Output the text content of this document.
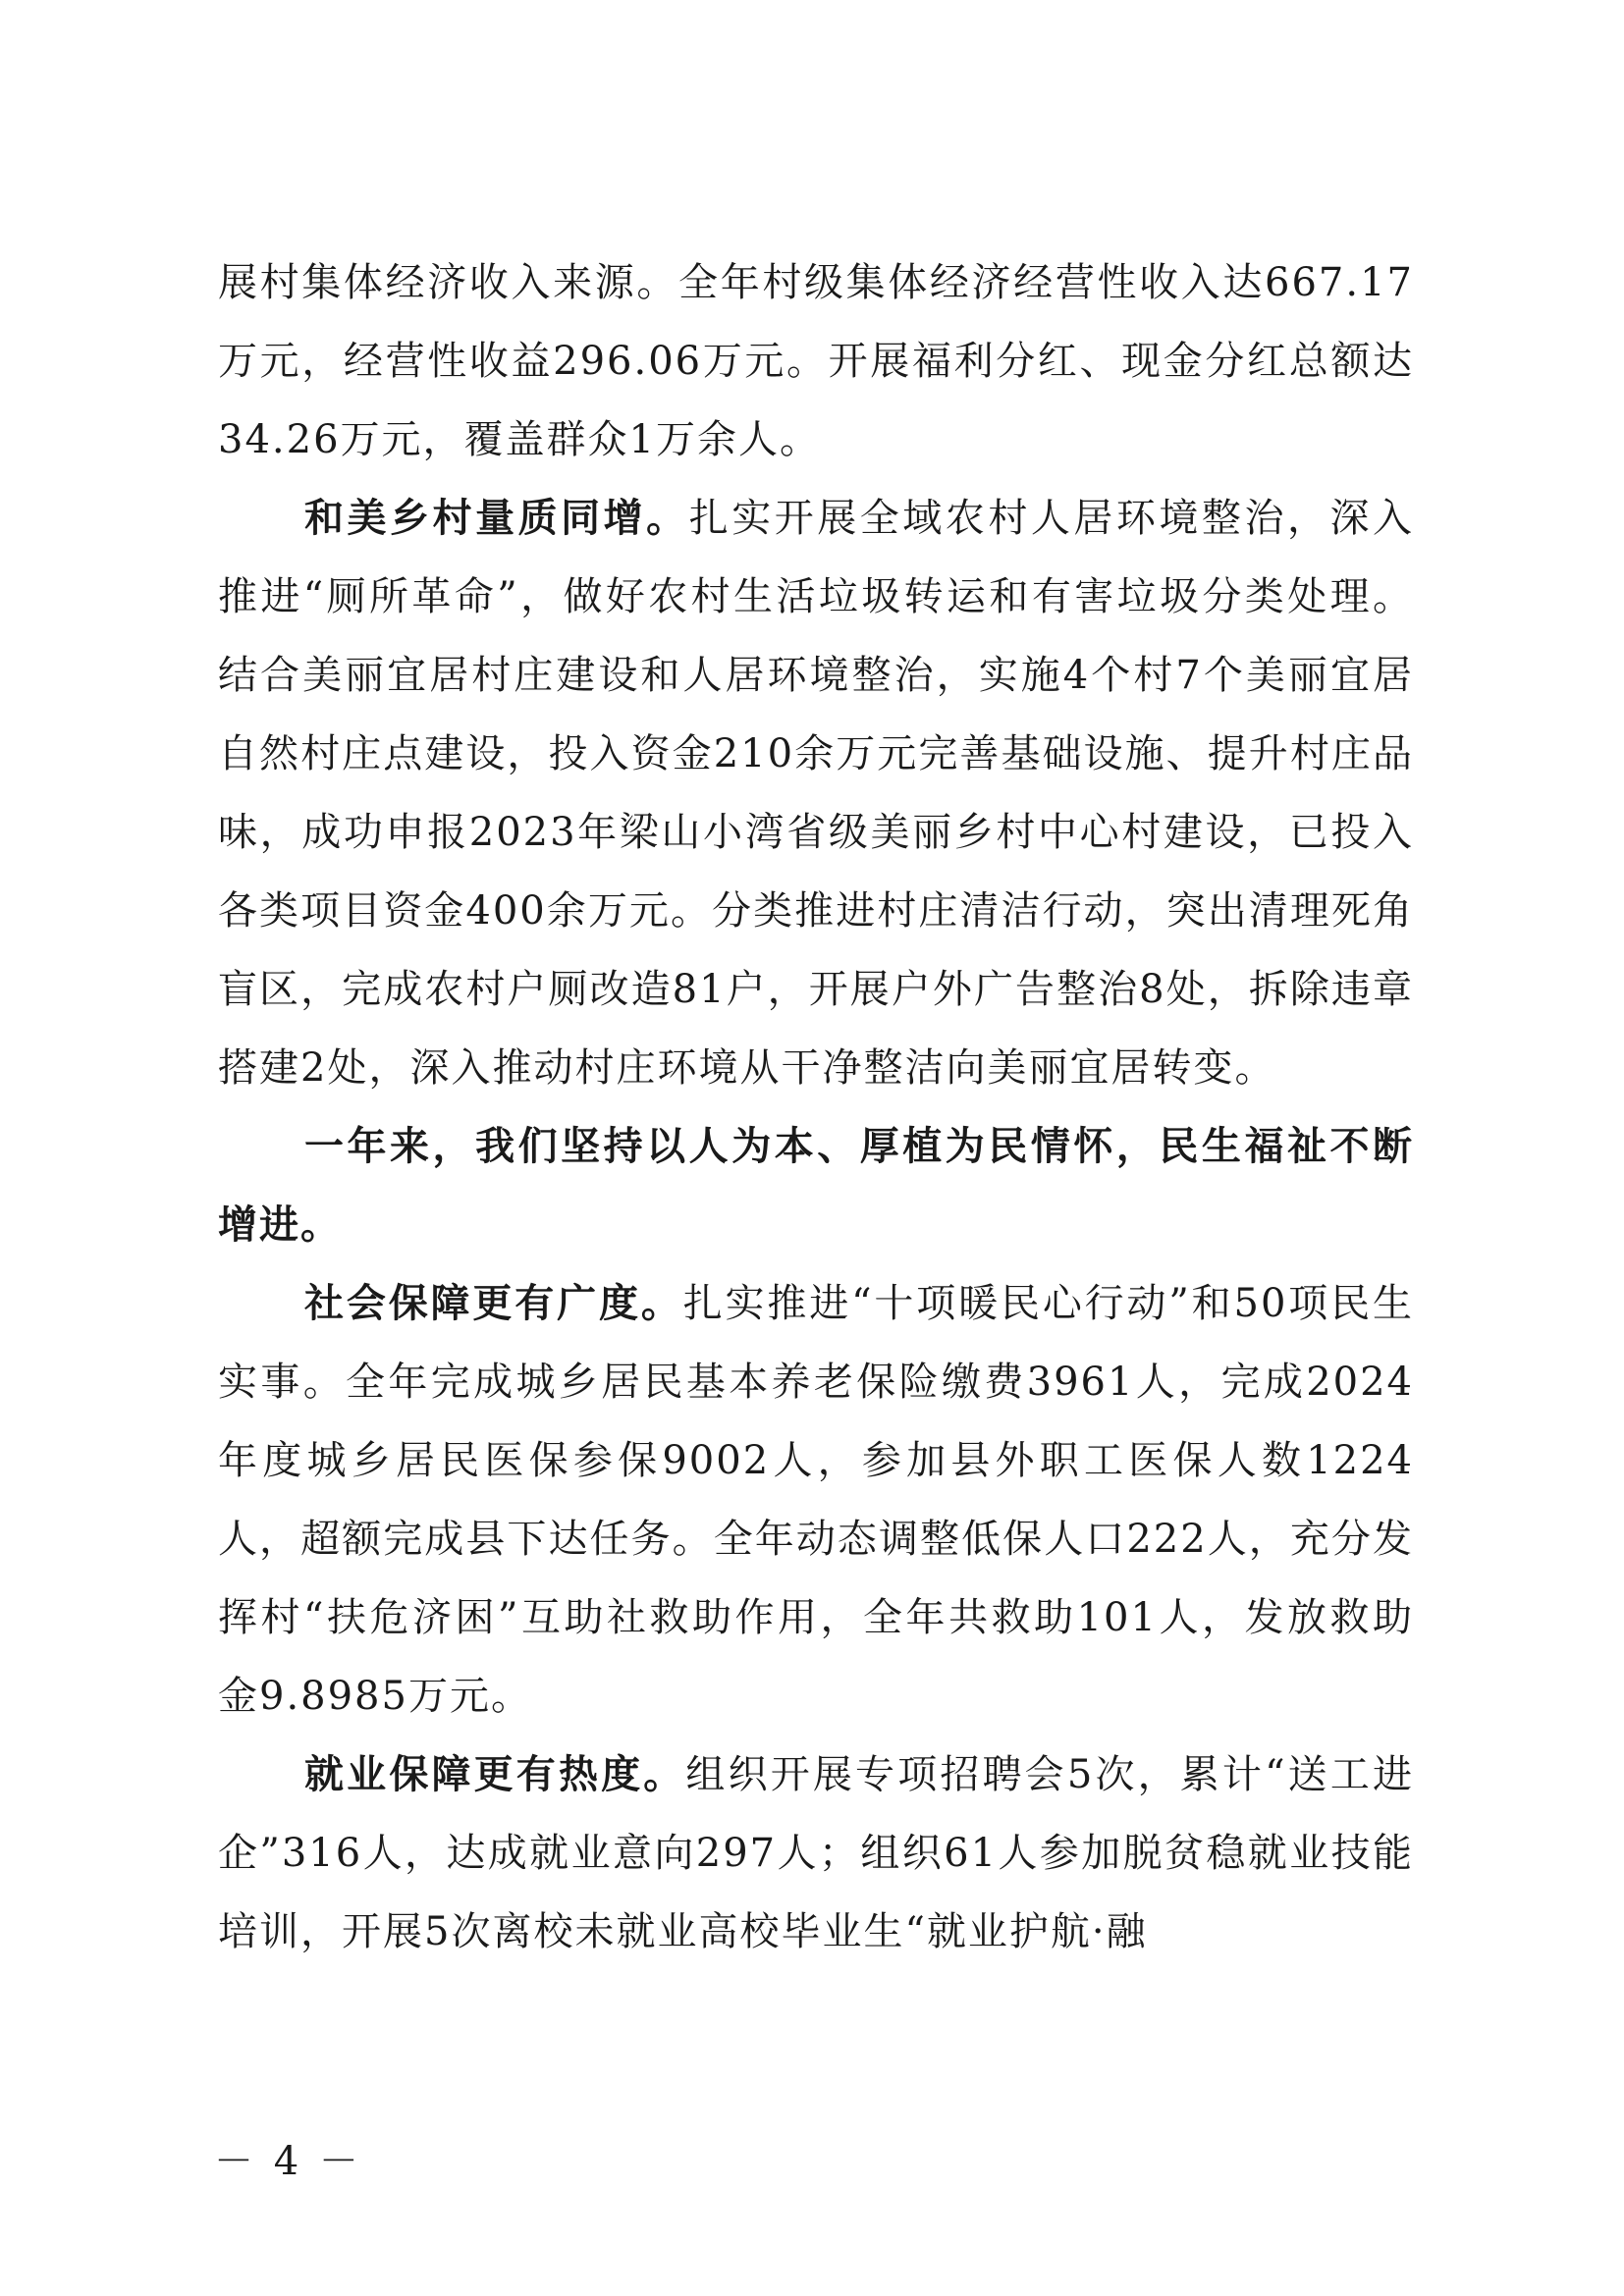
展村集体经济收入来源。全年村级集体经济经营性收入达667.17万元，经营性收益296.06万元。开展福利分红、现金分红总额达34.26万元，覆盖群众1万余人。

和美乡村量质同增。扎实开展全域农村人居环境整治，深入推进“厕所革命”，做好农村生活垃圾转运和有害垃圾分类处理。结合美丽宜居村庄建设和人居环境整治，实施4个村7个美丽宜居自然村庄点建设，投入资金210余万元完善基础设施、提升村庄品味，成功申报2023年梁山小湾省级美丽乡村中心村建设，已投入各类项目资金400余万元。分类推进村庄清洁行动，突出清理死角盲区，完成农村户厕改造81户，开展户外广告整治8处，拆除违章搭建2处，深入推动村庄环境从干净整洁向美丽宜居转变。

一年来，我们坚持以人为本、厚植为民情怀，民生福祉不断增进。

社会保障更有广度。扎实推进“十项暖民心行动”和50项民生实事。全年完成城乡居民基本养老保险缴费3961人，完成2024年度城乡居民医保参保9002人，参加县外职工医保人数1224人，超额完成县下达任务。全年动态调整低保人口222人，充分发挥村“扶危济困”互助社救助作用，全年共救助101人，发放救助金9.8985万元。

就业保障更有热度。组织开展专项招聘会5次，累计“送工进企”316人，达成就业意向297人；组织61人参加脱贫稳就业技能培训，开展5次离校未就业高校毕业生“就业护航·融

－ 4 －
